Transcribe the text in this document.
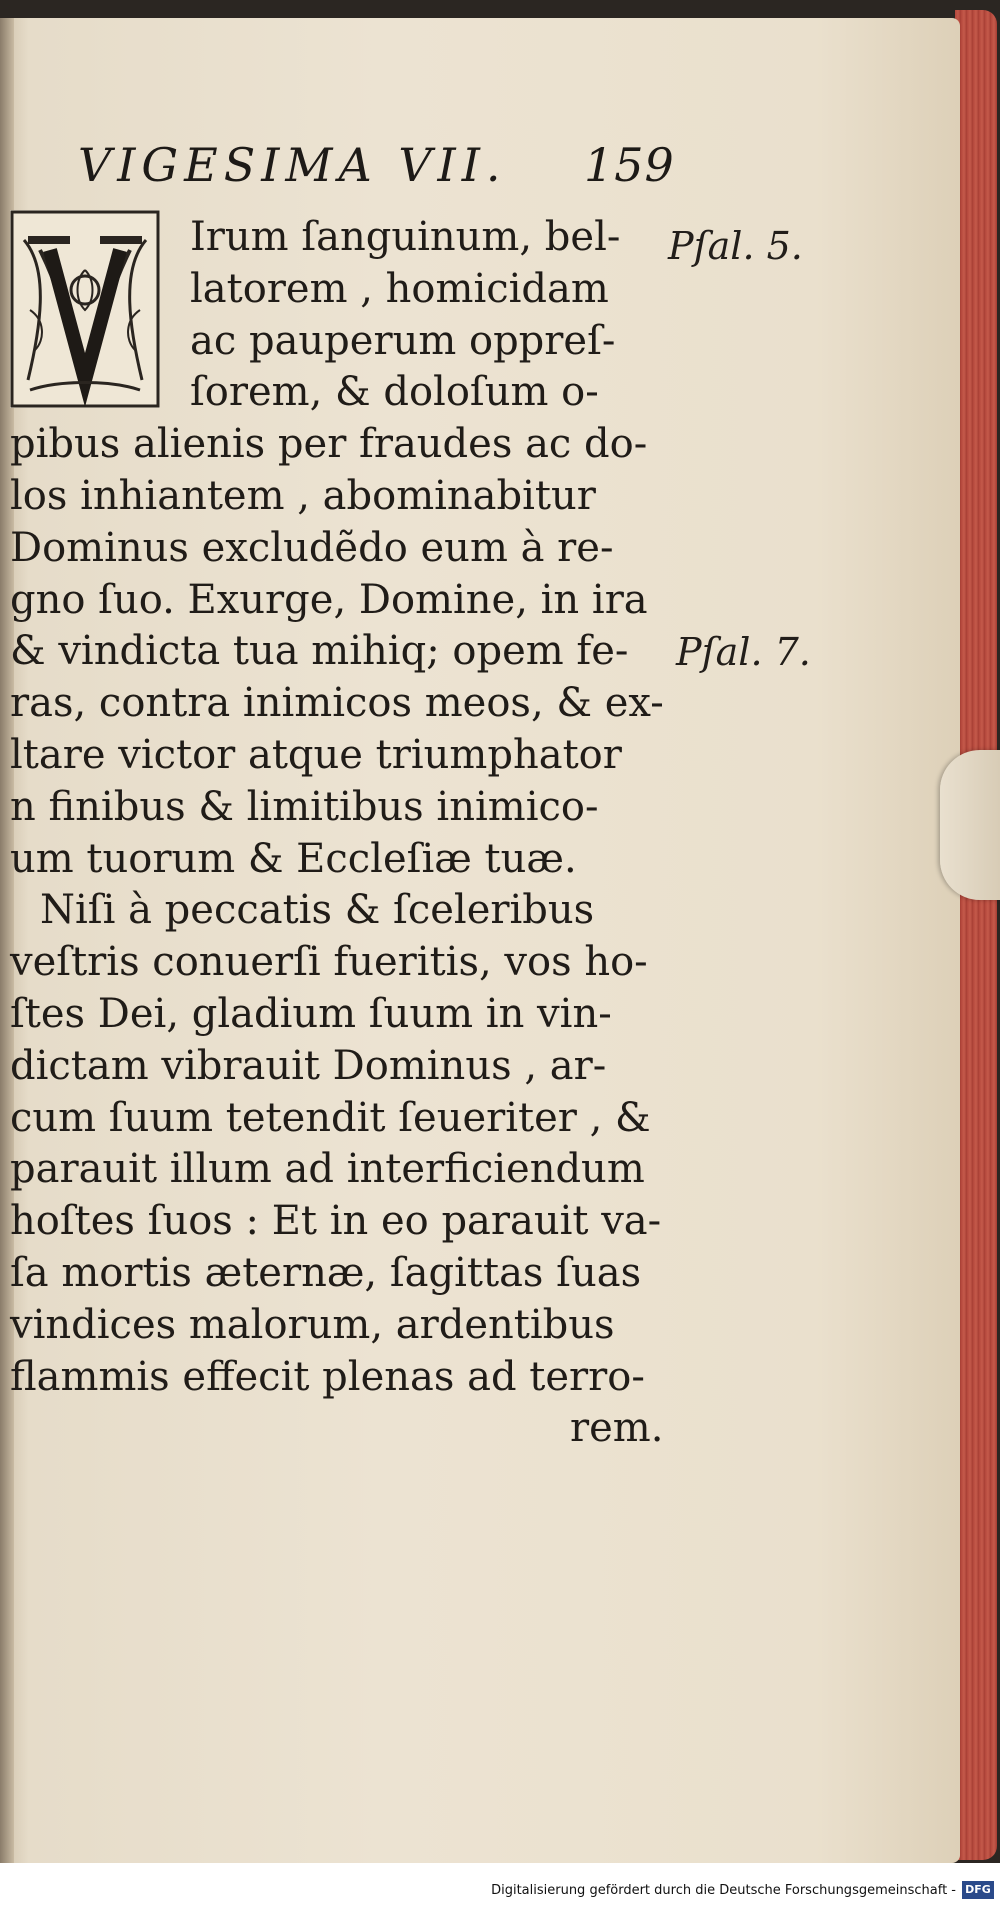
VIGESIMA VII. 159
Irum ſanguinum, bel-
latorem , homicidam
ac pauperum oppreſ-
ſorem, & doloſum o-
pibus alienis per fraudes ac do-
los inhiantem , abominabitur
Dominus excludẽdo eum à re-
gno ſuo. Exurge, Domine, in ira
& vindicta tua mihiq; opem fe-
ras, contra inimicos meos, & ex-
ltare victor atque triumphator
n finibus & limitibus inimico-
um tuorum & Eccleſiæ tuæ.
Niſi à peccatis & ſceleribus
veſtris conuerſi fueritis, vos ho-
ſtes Dei, gladium ſuum in vin-
dictam vibrauit Dominus , ar-
cum ſuum tetendit ſeueriter , &
parauit illum ad interficiendum
hoſtes ſuos : Et in eo parauit va-
ſa mortis æternæ, ſagittas ſuas
vindices malorum, ardentibus
flammis effecit plenas ad terro-
rem.
Pſal. 5.
Pſal. 7.
Digitalisierung gefördert durch die Deutsche Forschungsgemeinschaft - DFG
